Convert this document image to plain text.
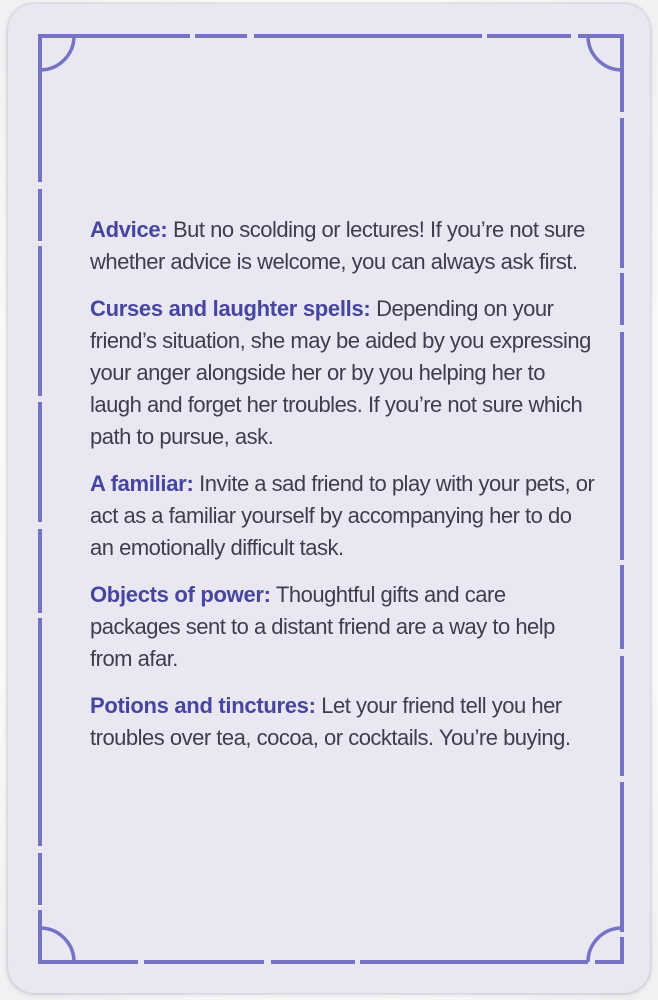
Advice: But no scolding or lectures! If you’re not sure whether advice is welcome, you can always ask first.

Curses and laughter spells: Depending on your friend’s situation, she may be aided by you expressing your anger alongside her or by you helping her to laugh and forget her troubles. If you’re not sure which path to pursue, ask.

A familiar: Invite a sad friend to play with your pets, or act as a familiar yourself by accompanying her to do an emotionally difficult task.

Objects of power: Thoughtful gifts and care packages sent to a distant friend are a way to help from afar.

Potions and tinctures: Let your friend tell you her troubles over tea, cocoa, or cocktails. You’re buying.
